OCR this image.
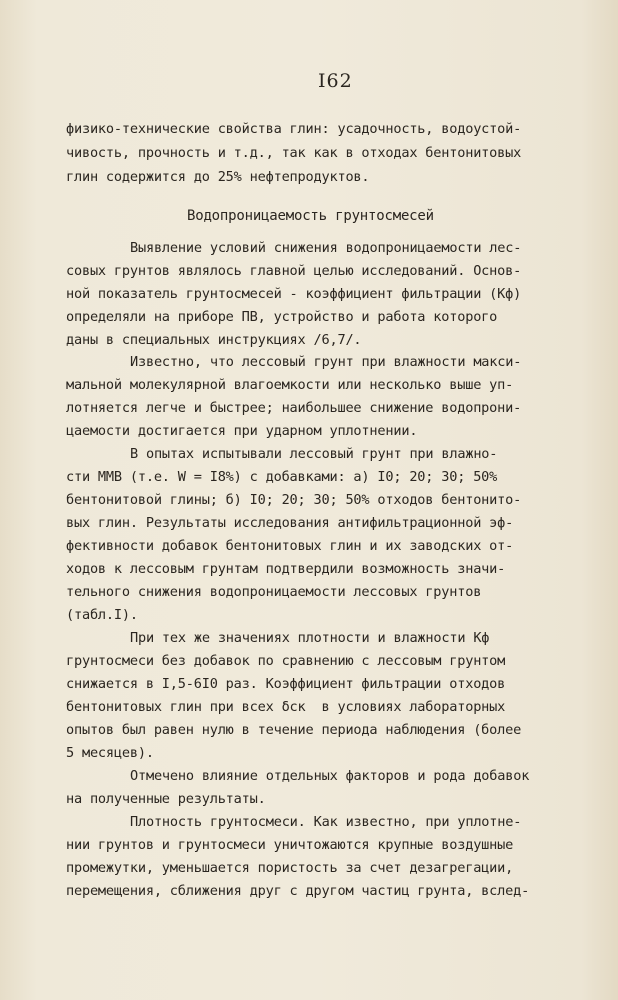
I62
физико-технические свойства глин: усадочность, водоустой-
чивость, прочность и т.д., так как в отходах бентонитовых
глин содержится до 25% нефтепродуктов.
Водопроницаемость грунтосмесей
Выявление условий снижения водопроницаемости лес-
совых грунтов являлось главной целью исследований. Основ-
ной показатель грунтосмесей - коэффициент фильтрации (Кф)
определяли на приборе ПВ, устройство и работа которого
даны в специальных инструкциях /6,7/.
Известно, что лессовый грунт при влажности макси-
мальной молекулярной влагоемкости или несколько выше уп-
лотняется легче и быстрее; наибольшее снижение водопрони-
цаемости достигается при ударном уплотнении.
В опытах испытывали лессовый грунт при влажно-
сти ММВ (т.е. W = I8%) с добавками: а) I0; 20; 30; 50%
бентонитовой глины; б) I0; 20; 30; 50% отходов бентонито-
вых глин. Результаты исследования антифильтрационной эф-
фективности добавок бентонитовых глин и их заводских от-
ходов к лессовым грунтам подтвердили возможность значи-
тельного снижения водопроницаемости лессовых грунтов
(табл.I).
При тех же значениях плотности и влажности Кф
грунтосмеси без добавок по сравнению с лессовым грунтом
снижается в I,5-6I0 раз. Коэффициент фильтрации отходов
бентонитовых глин при всех δск  в условиях лабораторных
опытов был равен нулю в течение периода наблюдения (более
5 месяцев).
Отмечено влияние отдельных факторов и рода добавок
на полученные результаты.
Плотность грунтосмеси. Как известно, при уплотне-
нии грунтов и грунтосмеси уничтожаются крупные воздушные
промежутки, уменьшается пористость за счет дезагрегации,
перемещения, сближения друг с другом частиц грунта, вслед-
